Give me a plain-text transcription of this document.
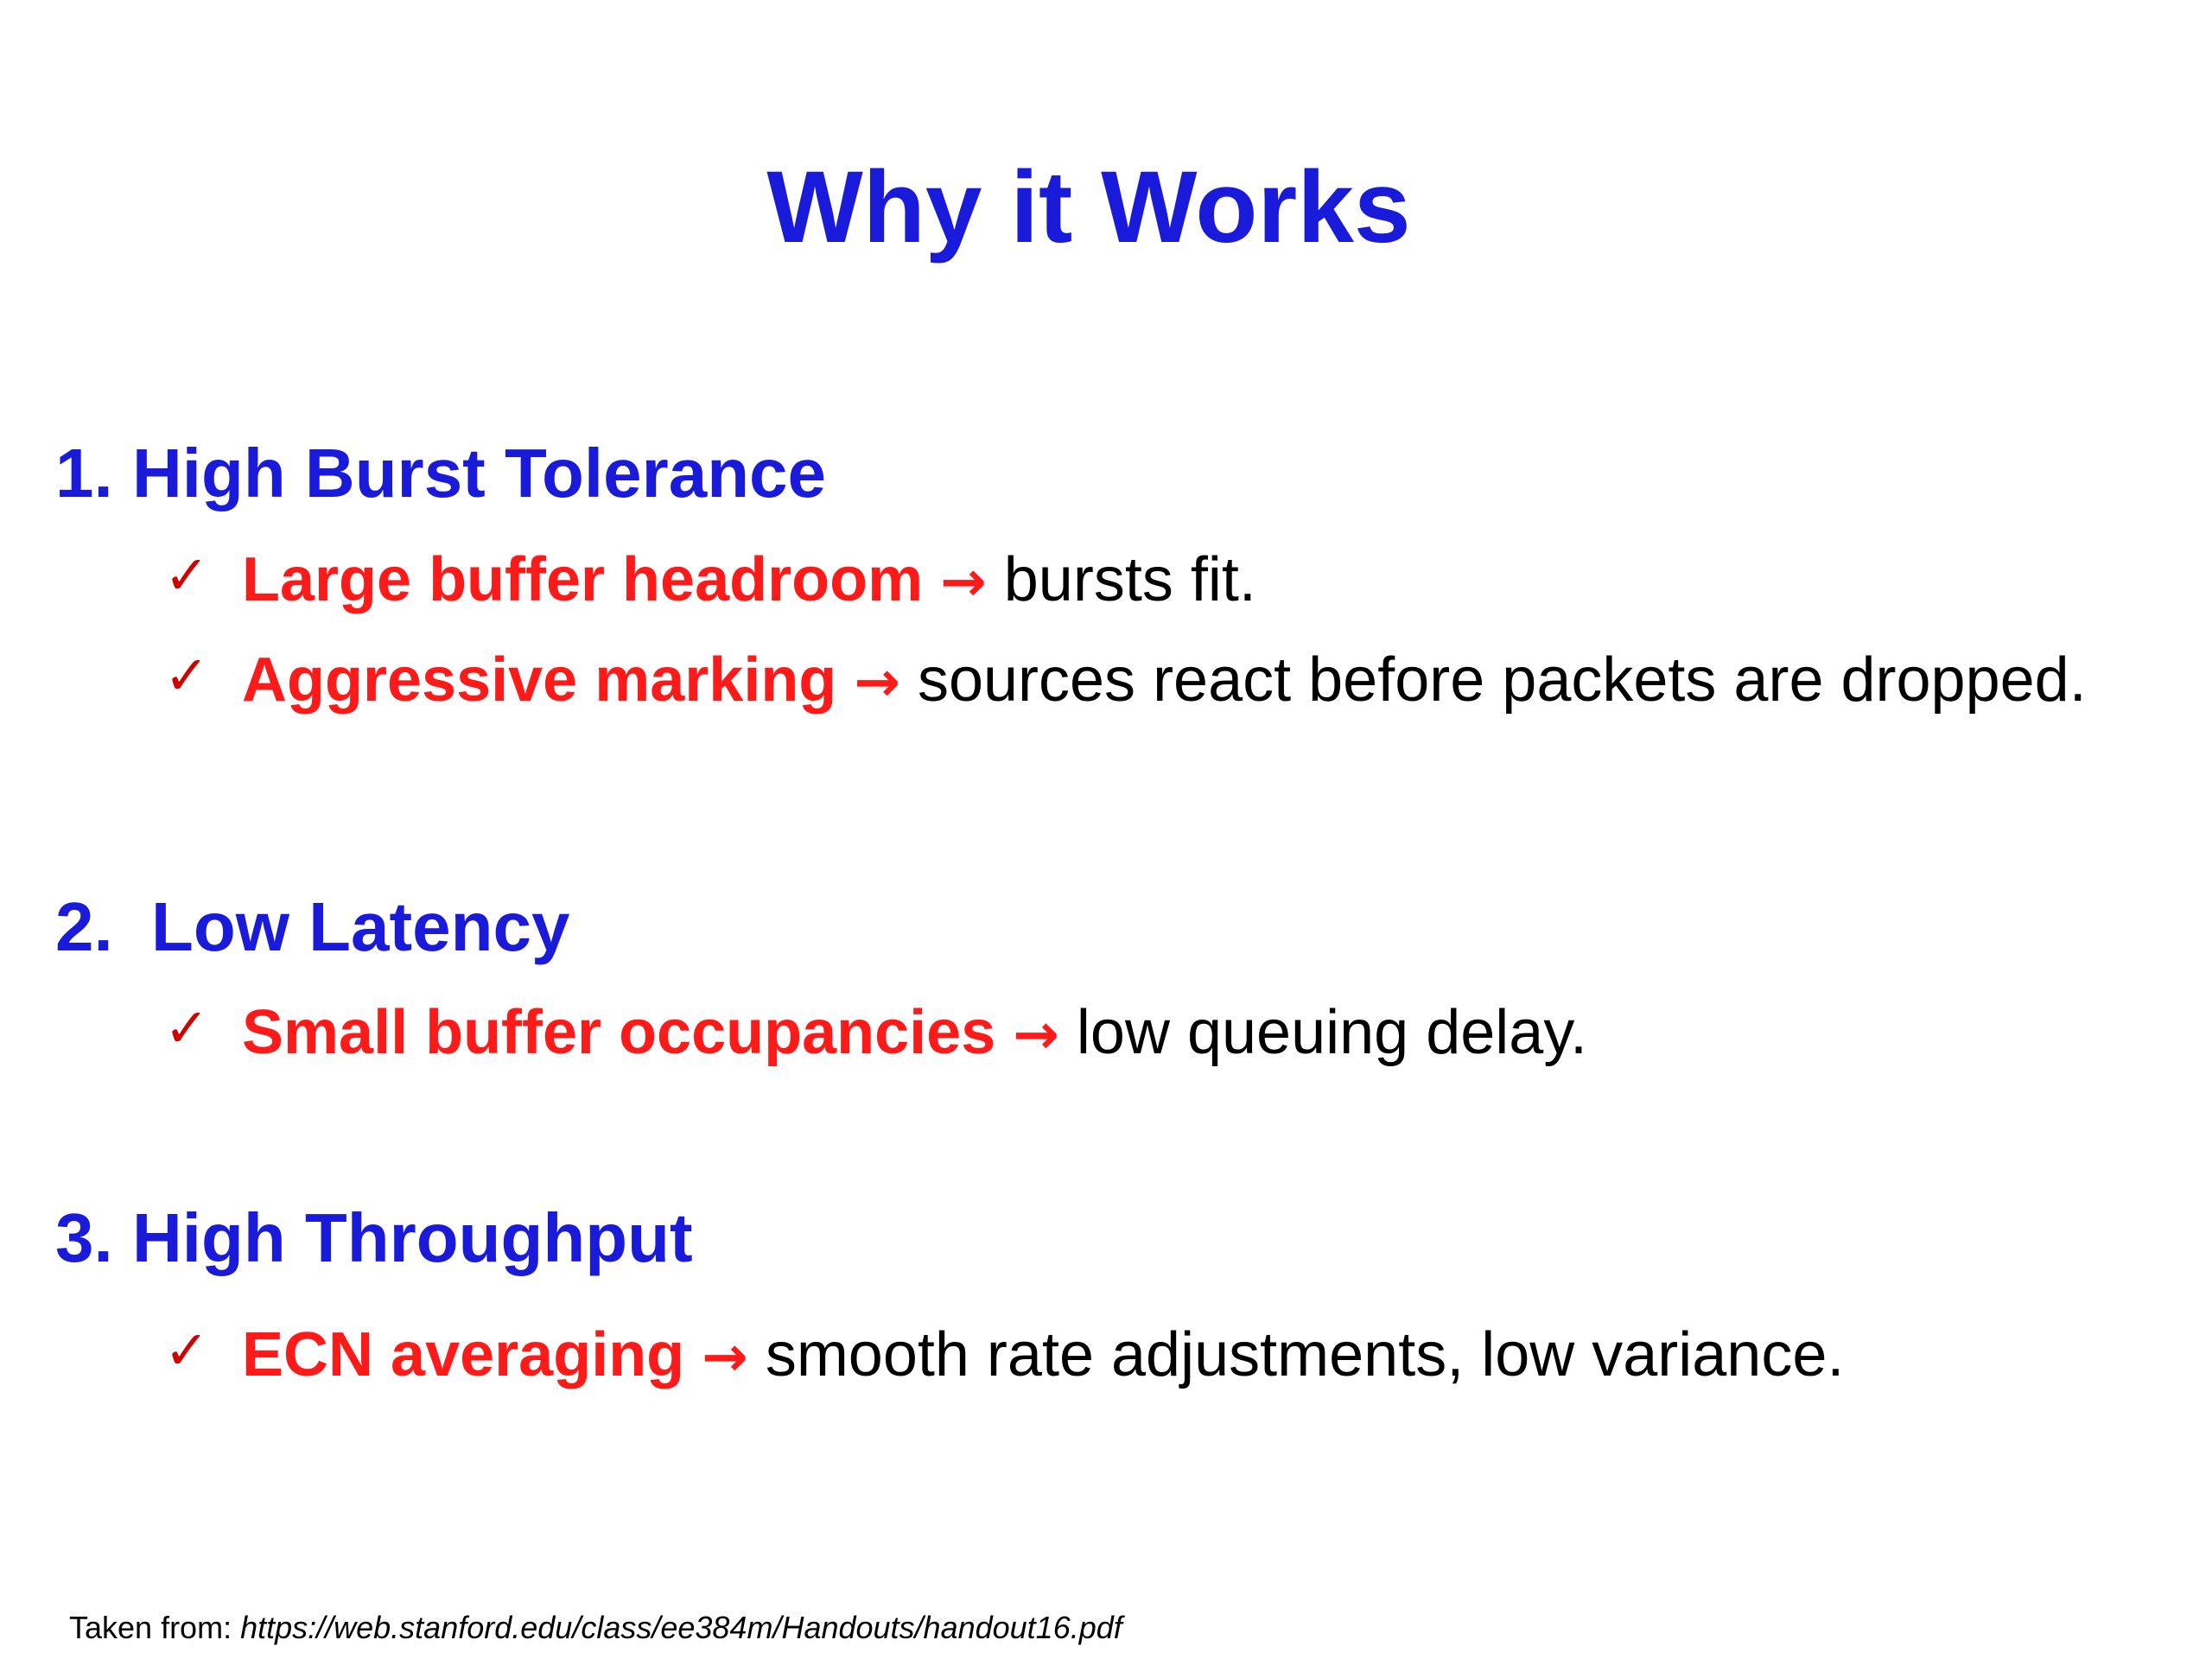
Why it Works
1. High Burst Tolerance
✓ Large buffer headroom → bursts fit.
✓ Aggressive marking → sources react before packets are dropped.
2. Low Latency
✓ Small buffer occupancies → low queuing delay.
3. High Throughput
✓ ECN averaging → smooth rate adjustments, low variance.
Taken from: https://web.stanford.edu/class/ee384m/Handouts/handout16.pdf
